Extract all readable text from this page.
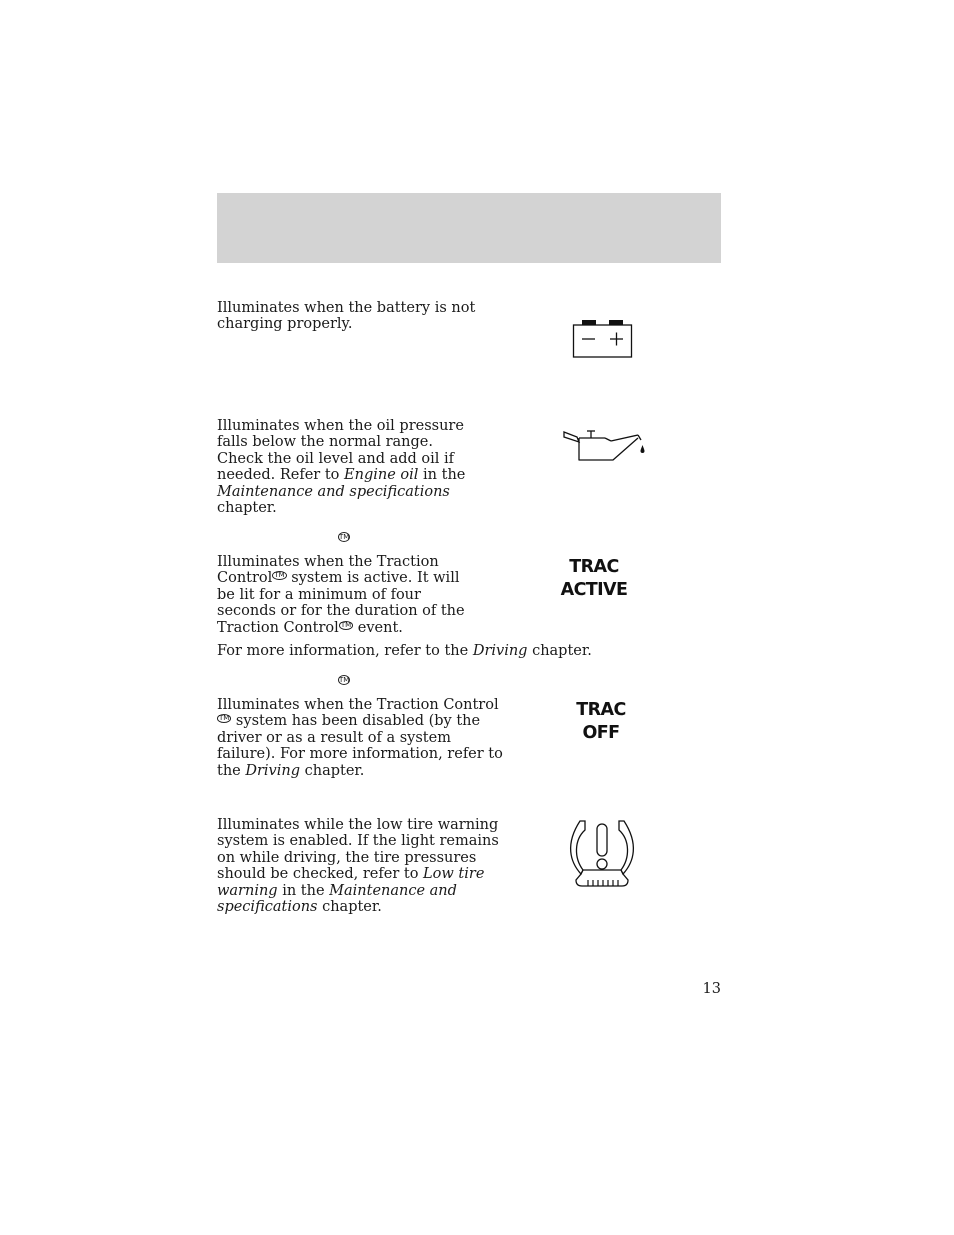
Illuminates when the battery is not charging properly.

Illuminates when the oil pressure falls below the normal range. Check the oil level and add oil if needed. Refer to Engine oil in the Maintenance and specifications chapter.

TM

Illuminates when the Traction Control TM system is active. It will be lit for a minimum of four seconds or for the duration of the Traction Control TM event.

TRAC
ACTIVE

For more information, refer to the Driving chapter.

TM

Illuminates when the Traction ControlTM system has been disabled (by the driver or as a result of a system failure). For more information, refer to the Driving chapter.

TRAC
OFF

Illuminates while the low tire warning system is enabled. If the light remains on while driving, the tire pressures should be checked, refer to Low tire warning in the Maintenance and specifications chapter.

13
